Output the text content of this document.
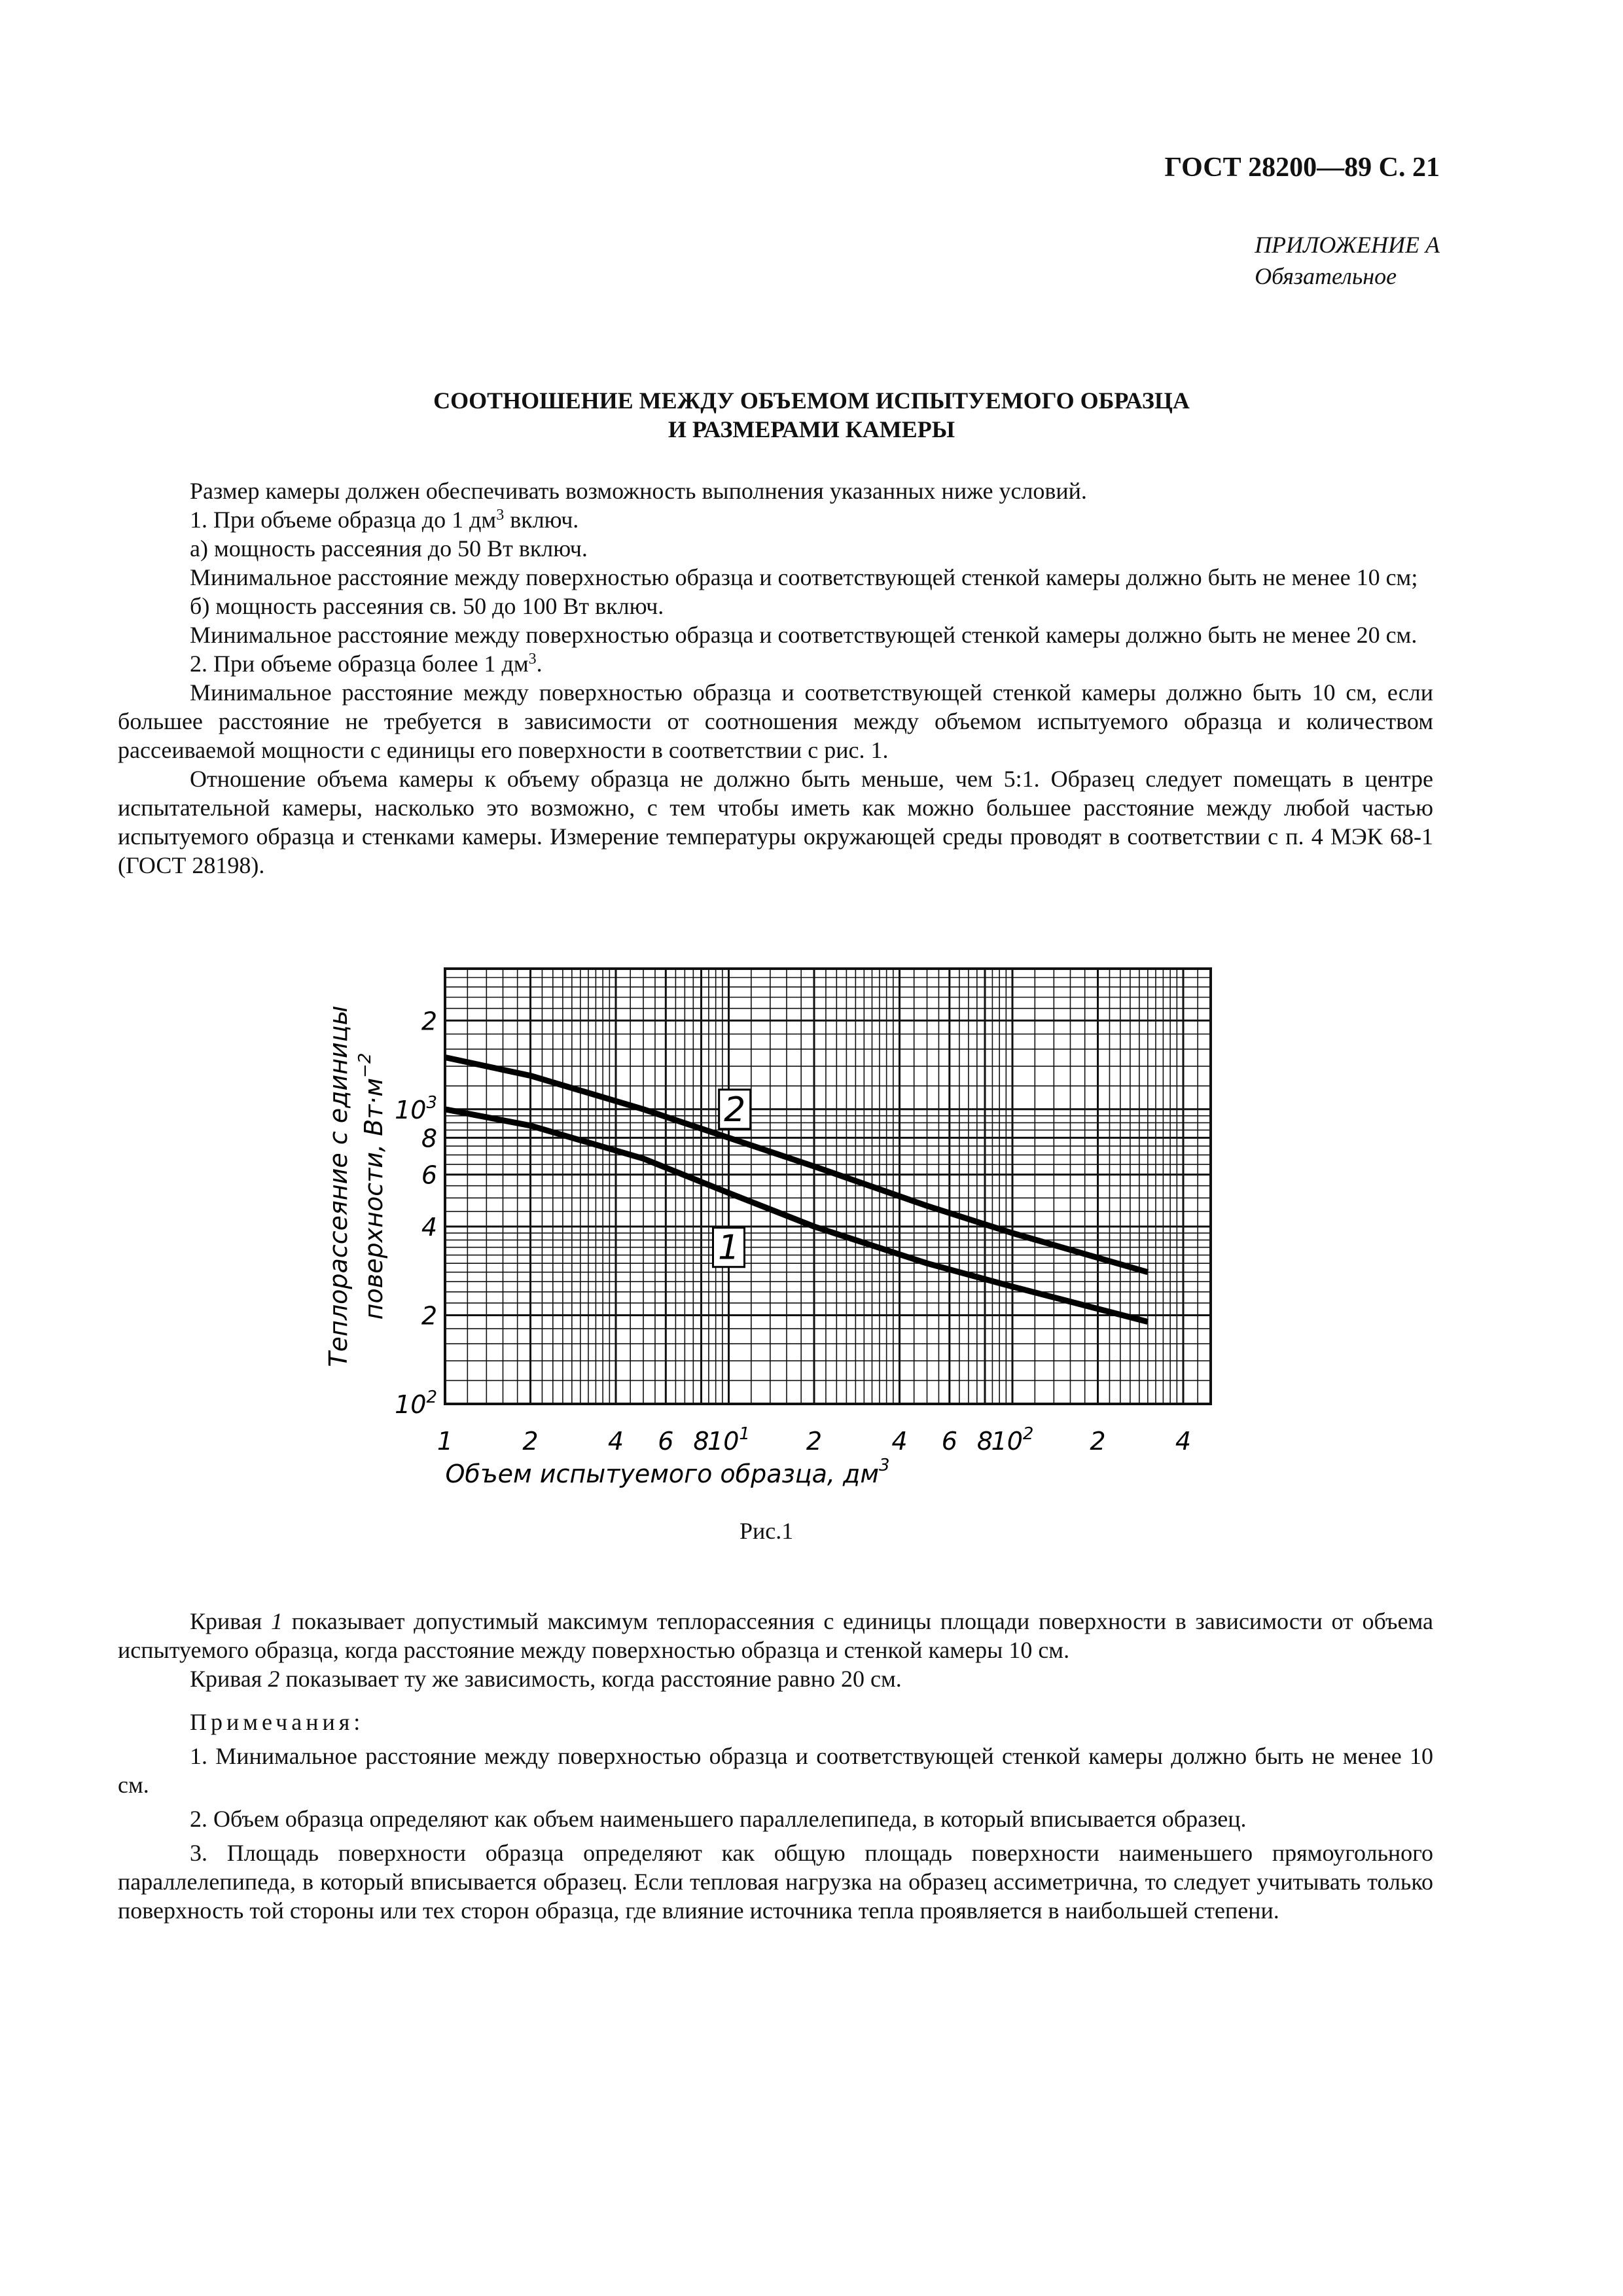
ГОСТ 28200—89 С. 21
ПРИЛОЖЕНИЕ А

Обязательное
СООТНОШЕНИЕ МЕЖДУ ОБЪЕМОМ ИСПЫТУЕМОГО ОБРАЗЦА
И РАЗМЕРАМИ КАМЕРЫ

Размер камеры должен обеспечивать возможность выполнения указанных ниже условий.

1. При объеме образца до 1 $дм^3$ включ.

а) мощность рассеяния до 50 Вт включ.

Минимальное расстояние между поверхностью образца и соответствующей стенкой камеры должно быть не менее 10 см;

б) мощность рассеяния св. 50 до 100 Вт включ.

Минимальное расстояние между поверхностью образца и соответствующей стенкой камеры должно быть не менее 20 см.

2. При объеме образца более 1 $дм^3$.

Минимальное расстояние между поверхностью образца и соответствующей стенкой камеры должно быть 10 см, если большее расстояние не требуется в зависимости от соотношения между объемом испытуемого образца и количеством рассеиваемой мощности с единицы его поверхности в соответствии с рис. 1.

Отношение объема камеры к объему образца не должно быть меньше, чем 5:1. Образец следует помещать в центре испытательной камеры, насколько это возможно, с тем чтобы иметь как можно большее расстояние между любой частью испытуемого образца и стенками камеры. Измерение температуры окружающей среды проводят в соответствии с п. 4 МЭК 68-1 (ГОСТ 28198).

1
2
1	2	4 6 8
$10^1$ 2	4 6 8
$10^2$ 2	4
$10^2$
2
4
6
8
$10^3$
2
Объем испытуемого образца, $дм^3$
Теплорассеяние с единицы поверхности, $Вт\cdot м^{-2}$
Рис.1

Кривая 1 показывает допустимый максимум теплорассеяния с единицы площади поверхности в зависимости от объема испытуемого образца, когда расстояние между поверхностью образца и стенкой камеры 10 см.

Кривая 2 показывает ту же зависимость, когда расстояние равно 20 см.

Примечания:

1. Минимальное расстояние между поверхностью образца и соответствующей стенкой камеры должно быть не менее 10 см.

2. Объем образца определяют как объем наименьшего параллелепипеда, в который вписывается образец.

3. Площадь поверхности образца определяют как общую площадь поверхности наименьшего прямоугольного параллелепипеда, в который вписывается образец. Если тепловая нагрузка на образец ассиметрична, то следует учитывать только поверхность той стороны или тех сторон образца, где влияние источника тепла проявляется в наибольшей степени.
